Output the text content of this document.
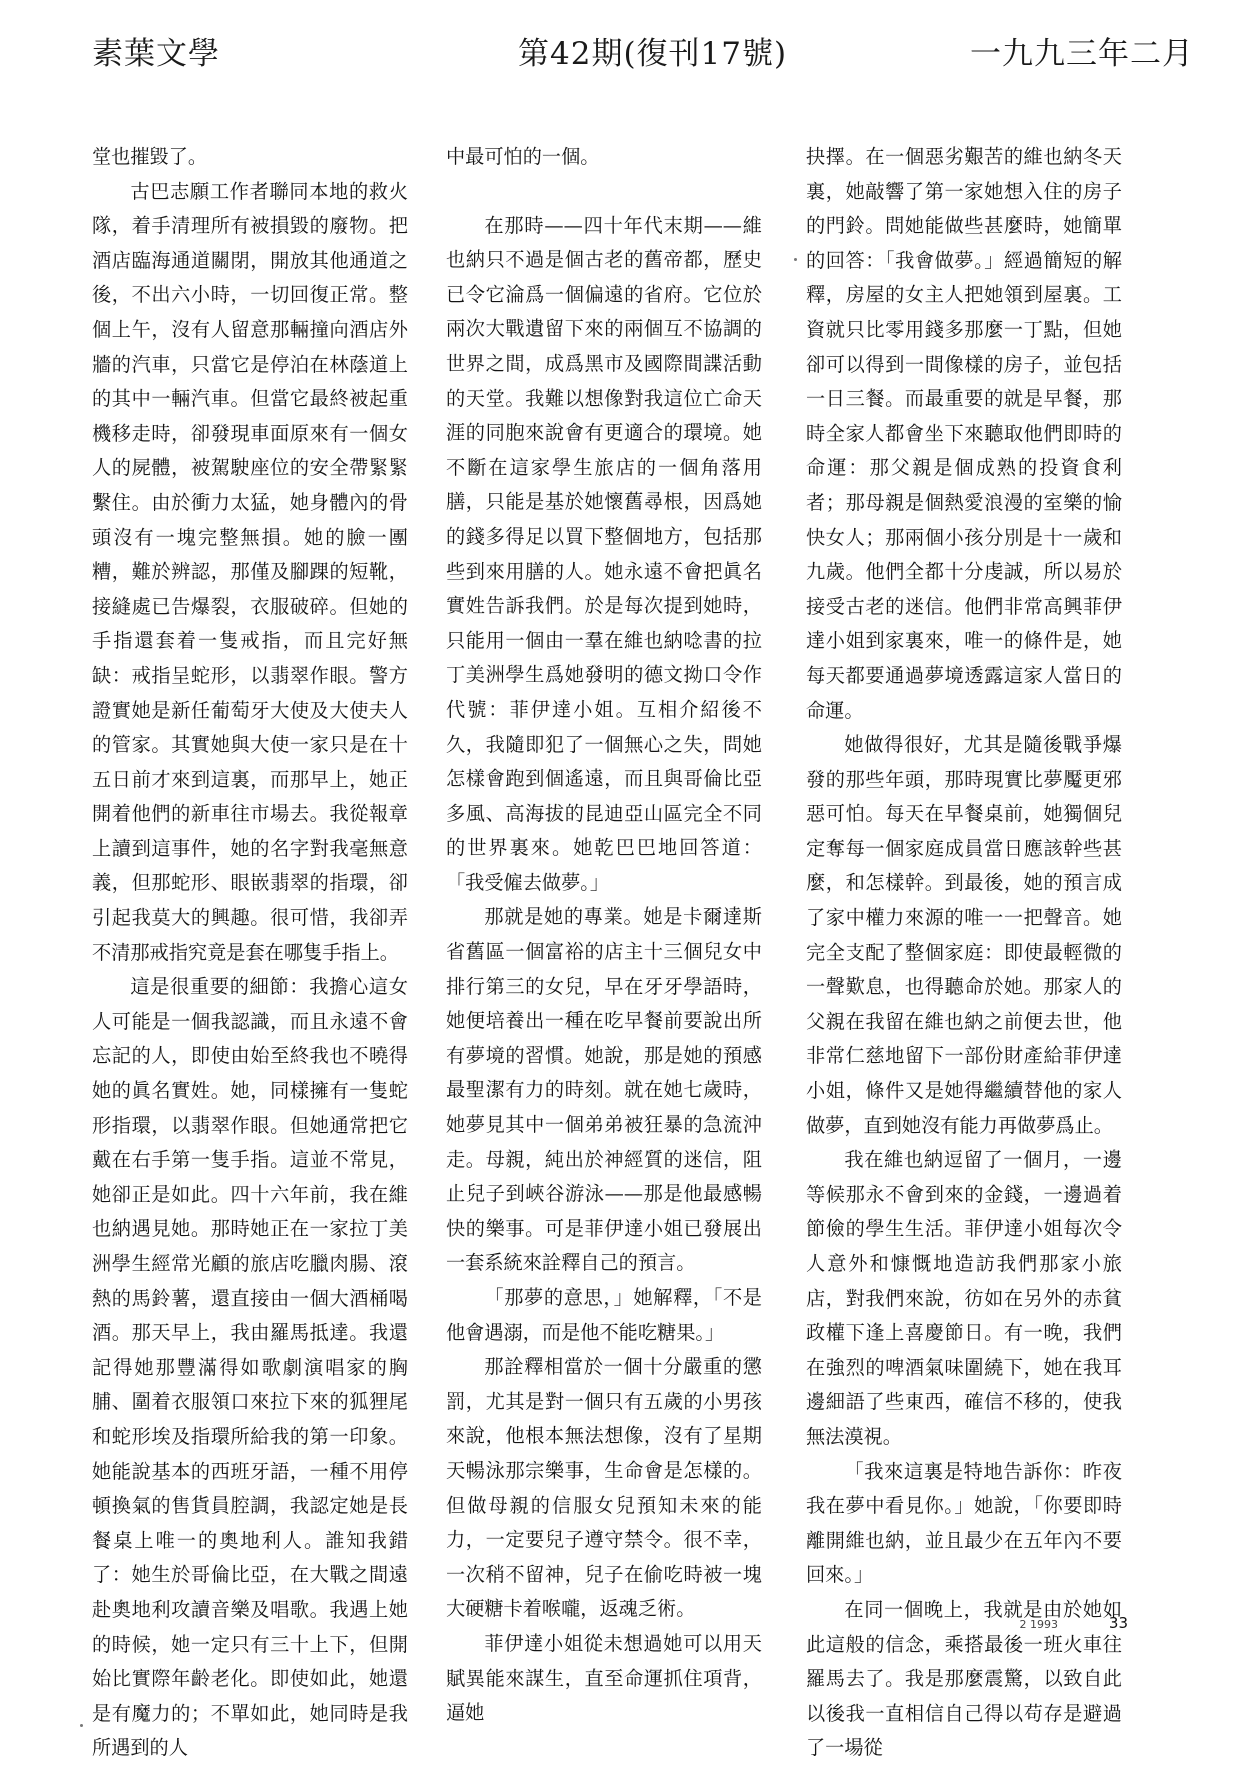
素葉文學	第42期(復刊17號)	一九九三年二月

堂也摧毀了。

古巴志願工作者聯同本地的救火隊，着手清理所有被損毀的廢物。把酒店臨海通道關閉，開放其他通道之後，不出六小時，一切回復正常。整個上午，沒有人留意那輛撞向酒店外牆的汽車，只當它是停泊在林蔭道上的其中一輛汽車。但當它最終被起重機移走時，卻發現車面原來有一個女人的屍體，被駕駛座位的安全帶緊緊繫住。由於衝力太猛，她身體內的骨頭沒有一塊完整無損。她的臉一團糟，難於辨認，那僅及腳踝的短靴，接縫處已告爆裂，衣服破碎。但她的手指還套着一隻戒指，而且完好無缺：戒指呈蛇形，以翡翠作眼。警方證實她是新任葡萄牙大使及大使夫人的管家。其實她與大使一家只是在十五日前才來到這裏，而那早上，她正開着他們的新車往市場去。我從報章上讀到這事件，她的名字對我毫無意義，但那蛇形、眼嵌翡翠的指環，卻引起我莫大的興趣。很可惜，我卻弄不清那戒指究竟是套在哪隻手指上。

這是很重要的細節：我擔心這女人可能是一個我認識，而且永遠不會忘記的人，即使由始至終我也不曉得她的眞名實姓。她，同樣擁有一隻蛇形指環，以翡翠作眼。但她通常把它戴在右手第一隻手指。這並不常見，她卻正是如此。四十六年前，我在維也納遇見她。那時她正在一家拉丁美洲學生經常光顧的旅店吃臘肉腸、滾熱的馬鈴薯，還直接由一個大酒桶喝酒。那天早上，我由羅馬抵達。我還記得她那豐滿得如歌劇演唱家的胸脯、圍着衣服領口來拉下來的狐狸尾和蛇形埃及指環所給我的第一印象。她能說基本的西班牙語，一種不用停頓換氣的售貨員腔調，我認定她是長餐桌上唯一的奧地利人。誰知我錯了：她生於哥倫比亞，在大戰之間遠赴奧地利攻讀音樂及唱歌。我遇上她的時候，她一定只有三十上下，但開始比實際年齡老化。即使如此，她還是有魔力的；不單如此，她同時是我所遇到的人

中最可怕的一個。

在那時——四十年代末期——維也納只不過是個古老的舊帝都，歷史已令它淪爲一個偏遠的省府。它位於兩次大戰遺留下來的兩個互不協調的世界之間，成爲黑市及國際間諜活動的天堂。我難以想像對我這位亡命天涯的同胞來說會有更適合的環境。她不斷在這家學生旅店的一個角落用膳，只能是基於她懷舊尋根，因爲她的錢多得足以買下整個地方，包括那些到來用膳的人。她永遠不會把眞名實姓告訴我們。於是每次提到她時，只能用一個由一羣在維也納唸書的拉丁美洲學生爲她發明的德文拗口令作代號：菲伊達小姐。互相介紹後不久，我隨即犯了一個無心之失，問她怎樣會跑到個遙遠，而且與哥倫比亞多風、高海拔的昆迪亞山區完全不同的世界裏來。她乾巴巴地回答道：「我受僱去做夢。」

那就是她的專業。她是卡爾達斯省舊區一個富裕的店主十三個兒女中排行第三的女兒，早在牙牙學語時，她便培養出一種在吃早餐前要說出所有夢境的習慣。她說，那是她的預感最聖潔有力的時刻。就在她七歲時，她夢見其中一個弟弟被狂暴的急流沖走。母親，純出於神經質的迷信，阻止兒子到峽谷游泳——那是他最感暢快的樂事。可是菲伊達小姐已發展出一套系統來詮釋自己的預言。

「那夢的意思，」她解釋，「不是他會遇溺，而是他不能吃糖果。」

那詮釋相當於一個十分嚴重的懲罰，尤其是對一個只有五歲的小男孩來說，他根本無法想像，沒有了星期天暢泳那宗樂事，生命會是怎樣的。但做母親的信服女兒預知未來的能力，一定要兒子遵守禁令。很不幸，一次稍不留神，兒子在偷吃時被一塊大硬糖卡着喉嚨，返魂乏術。

菲伊達小姐從未想過她可以用天賦異能來謀生，直至命運抓住項背，逼她

抉擇。在一個惡劣艱苦的維也納冬天裏，她敲響了第一家她想入住的房子的門鈴。問她能做些甚麼時，她簡單的回答：「我會做夢。」經過簡短的解釋，房屋的女主人把她領到屋裏。工資就只比零用錢多那麼一丁點，但她卻可以得到一間像樣的房子，並包括一日三餐。而最重要的就是早餐，那時全家人都會坐下來聽取他們即時的命運：那父親是個成熟的投資食利者；那母親是個熱愛浪漫的室樂的愉快女人；那兩個小孩分別是十一歲和九歲。他們全都十分虔誠，所以易於接受古老的迷信。他們非常高興菲伊達小姐到家裏來，唯一的條件是，她每天都要通過夢境透露這家人當日的命運。

她做得很好，尤其是隨後戰爭爆發的那些年頭，那時現實比夢魘更邪惡可怕。每天在早餐桌前，她獨個兒定奪每一個家庭成員當日應該幹些甚麼，和怎樣幹。到最後，她的預言成了家中權力來源的唯一一把聲音。她完全支配了整個家庭：即使最輕微的一聲歎息，也得聽命於她。那家人的父親在我留在維也納之前便去世，他非常仁慈地留下一部份財產給菲伊達小姐，條件又是她得繼續替他的家人做夢，直到她沒有能力再做夢爲止。

我在維也納逗留了一個月，一邊等候那永不會到來的金錢，一邊過着節儉的學生生活。菲伊達小姐每次令人意外和慷慨地造訪我們那家小旅店，對我們來說，彷如在另外的赤貧政權下逢上喜慶節日。有一晚，我們在強烈的啤酒氣味圍繞下，她在我耳邊細語了些東西，確信不移的，使我無法漠視。

「我來這裏是特地告訴你：昨夜我在夢中看見你。」她說，「你要即時離開維也納，並且最少在五年內不要回來。」

在同一個晚上，我就是由於她如此這般的信念，乘搭最後一班火車往羅馬去了。我是那麼震驚，以致自此以後我一直相信自己得以苟存是避過了一場從

2 1993	33
